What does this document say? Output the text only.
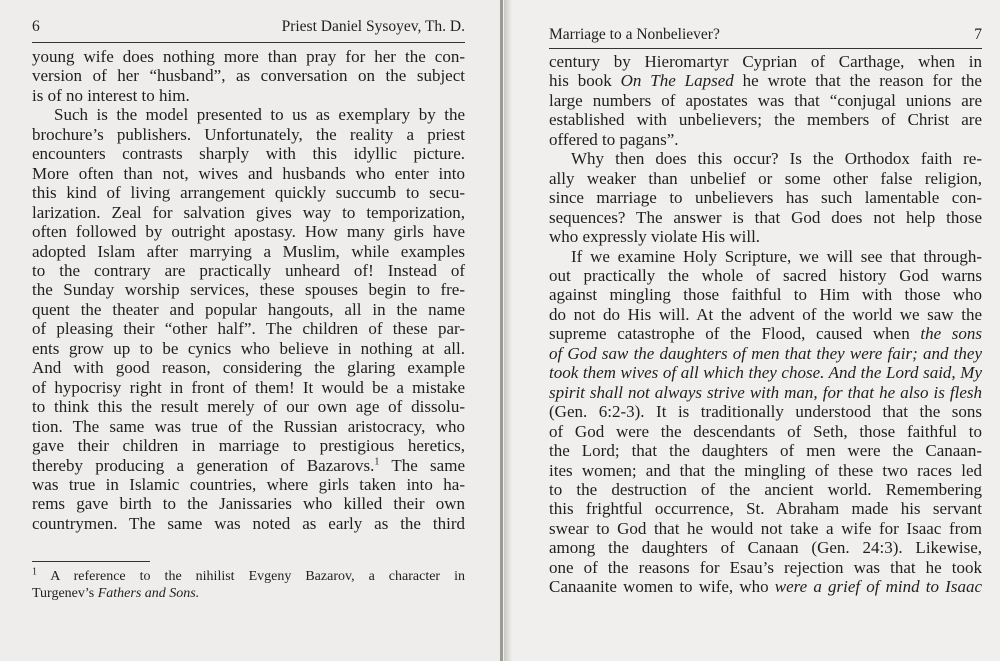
6	Priest Daniel Sysoyev, Th. D.
young wife does nothing more than pray for her the con-
version of her “husband”, as conversation on the subject
is of no interest to him.
Such is the model presented to us as exemplary by the
brochure’s publishers. Unfortunately, the reality a priest
encounters contrasts sharply with this idyllic picture.
More often than not, wives and husbands who enter into
this kind of living arrangement quickly succumb to secu-
larization. Zeal for salvation gives way to temporization,
often followed by outright apostasy. How many girls have
adopted Islam after marrying a Muslim, while examples
to the contrary are practically unheard of! Instead of
the Sunday worship services, these spouses begin to fre-
quent the theater and popular hangouts, all in the name
of pleasing their “other half”. The children of these par-
ents grow up to be cynics who believe in nothing at all.
And with good reason, considering the glaring example
of hypocrisy right in front of them! It would be a mistake
to think this the result merely of our own age of dissolu-
tion. The same was true of the Russian aristocracy, who
gave their children in marriage to prestigious heretics,
thereby producing a generation of Bazarovs.$^1$ The same
was true in Islamic countries, where girls taken into ha-
rems gave birth to the Janissaries who killed their own
countrymen. The same was noted as early as the third
$^1$ A reference to the nihilist Evgeny Bazarov, a character in
Turgenev’s Fathers and Sons.
Marriage to a Nonbeliever?	7
century by Hieromartyr Cyprian of Carthage, when in
his book On The Lapsed he wrote that the reason for the
large numbers of apostates was that “conjugal unions are
established with unbelievers; the members of Christ are
offered to pagans”.
Why then does this occur? Is the Orthodox faith re-
ally weaker than unbelief or some other false religion,
since marriage to unbelievers has such lamentable con-
sequences? The answer is that God does not help those
who expressly violate His will.
If we examine Holy Scripture, we will see that through-
out practically the whole of sacred history God warns
against mingling those faithful to Him with those who
do not do His will. At the advent of the world we saw the
supreme catastrophe of the Flood, caused when the sons
of God saw the daughters of men that they were fair; and they
took them wives of all which they chose. And the Lord said, My
spirit shall not always strive with man, for that he also is flesh
(Gen. 6:2-3). It is traditionally understood that the sons
of God were the descendants of Seth, those faithful to
the Lord; that the daughters of men were the Canaan-
ites women; and that the mingling of these two races led
to the destruction of the ancient world. Remembering
this frightful occurrence, St. Abraham made his servant
swear to God that he would not take a wife for Isaac from
among the daughters of Canaan (Gen. 24:3). Likewise,
one of the reasons for Esau’s rejection was that he took
Canaanite women to wife, who were a grief of mind to Isaac
